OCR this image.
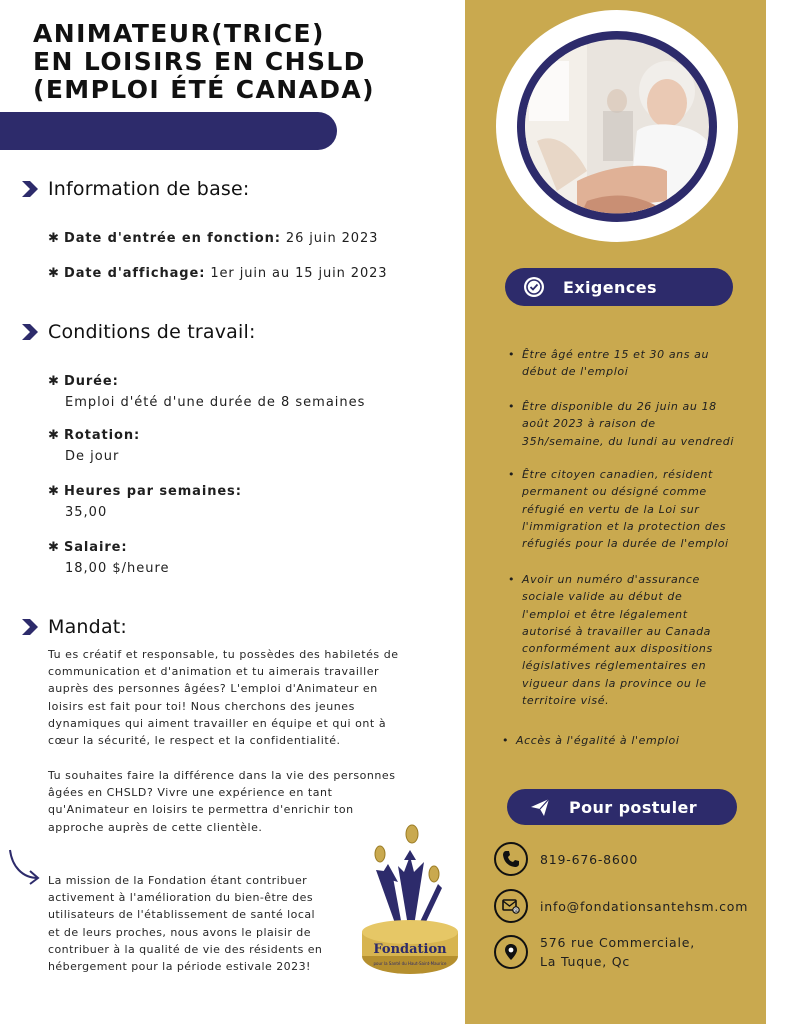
ANIMATEUR(TRICE)
EN LOISIRS EN CHSLD
(EMPLOI ÉTÉ CANADA)
Information de base:
✱ Date d'entrée en fonction: 26 juin 2023
✱ Date d'affichage: 1er juin au 15 juin 2023
Conditions de travail:
✱ Durée:
Emploi d'été d'une durée de 8 semaines
✱ Rotation:
De jour
✱ Heures par semaines:
35,00
✱ Salaire:
18,00 $/heure
Mandat:
Tu es créatif et responsable, tu possèdes des habiletés de
communication et d'animation et tu aimerais travailler
auprès des personnes âgées? L'emploi d'Animateur en
loisirs est fait pour toi! Nous cherchons des jeunes
dynamiques qui aiment travailler en équipe et qui ont à
cœur la sécurité, le respect et la confidentialité.
Tu souhaites faire la différence dans la vie des personnes
âgées en CHSLD? Vivre une expérience en tant
qu'Animateur en loisirs te permettra d'enrichir ton
approche auprès de cette clientèle.
La mission de la Fondation étant contribuer
activement à l'amélioration du bien-être des
utilisateurs de l'établissement de santé local
et de leurs proches, nous avons le plaisir de
contribuer à la qualité de vie des résidents en
hébergement pour la période estivale 2023!
Fondation
pour la Santé du Haut-Saint-Maurice
Exigences
• Être âgé entre 15 et 30 ans au
début de l'emploi
• Être disponible du 26 juin au 18
août 2023 à raison de
35h/semaine, du lundi au vendredi
• Être citoyen canadien, résident
permanent ou désigné comme
réfugié en vertu de la Loi sur
l'immigration et la protection des
réfugiés pour la durée de l'emploi
• Avoir un numéro d'assurance
sociale valide au début de
l'emploi et être légalement
autorisé à travailler au Canada
conformément aux dispositions
législatives réglementaires en
vigueur dans la province ou le
territoire visé.
• Accès à l'égalité à l'emploi
Pour postuler
819-676-8600
@ info@fondationsantehsm.com
576 rue Commerciale,
La Tuque, Qc
